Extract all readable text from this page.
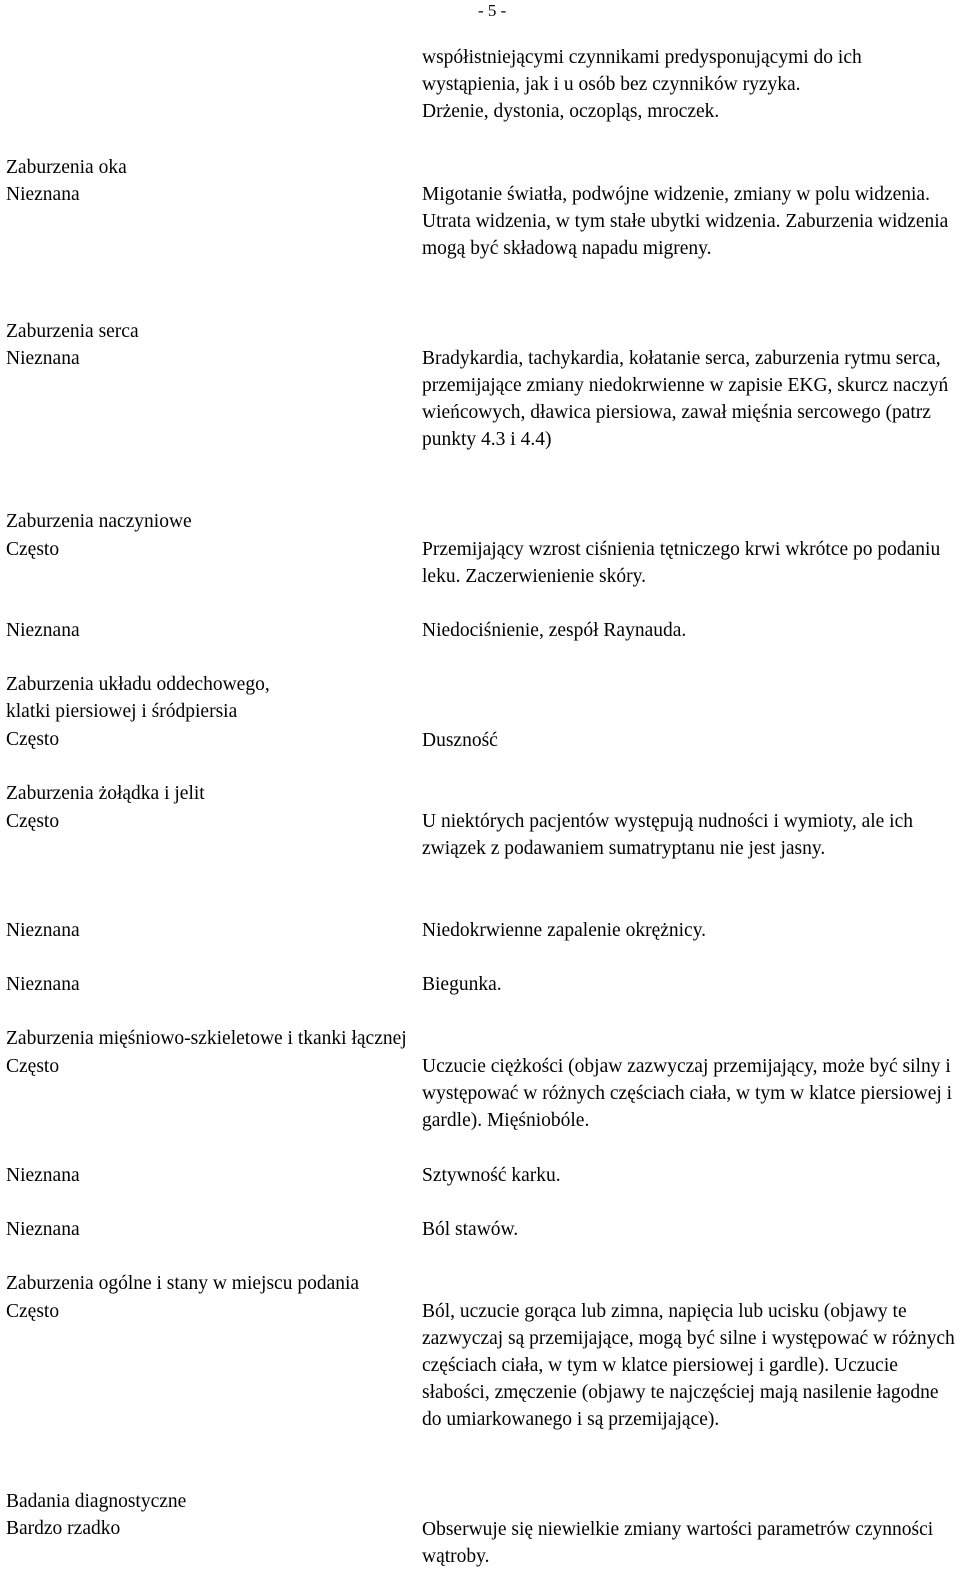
- 5 -
współistniejącymi czynnikami predysponującymi do ich wystąpienia, jak i u osób bez czynników ryzyka.
Drżenie, dystonia, oczopląs, mroczek.
Zaburzenia oka
Nieznana	Migotanie światła, podwójne widzenie, zmiany w polu widzenia. Utrata widzenia, w tym stałe ubytki widzenia. Zaburzenia widzenia mogą być składową napadu migreny.
Zaburzenia serca
Nieznana	Bradykardia, tachykardia, kołatanie serca, zaburzenia rytmu serca, przemijające zmiany niedokrwienne w zapisie EKG, skurcz naczyń wieńcowych, dławica piersiowa, zawał mięśnia sercowego (patrz punkty 4.3 i 4.4)
Zaburzenia naczyniowe
Często	Przemijający wzrost ciśnienia tętniczego krwi wkrótce po podaniu leku. Zaczerwienienie skóry.
Nieznana	Niedociśnienie, zespół Raynauda.
Zaburzenia układu oddechowego,
klatki piersiowej i śródpiersia
Często	Duszność
Zaburzenia żołądka i jelit
Często	U niektórych pacjentów występują nudności i wymioty, ale ich związek z podawaniem sumatryptanu nie jest jasny.
Nieznana	Niedokrwienne zapalenie okrężnicy.
Nieznana	Biegunka.
Zaburzenia mięśniowo-szkieletowe i tkanki łącznej
Często	Uczucie ciężkości (objaw zazwyczaj przemijający, może być silny i występować w różnych częściach ciała, w tym w klatce piersiowej i gardle). Mięśniobóle.
Nieznana	Sztywność karku.
Nieznana	Ból stawów.
Zaburzenia ogólne i stany w miejscu podania
Często	Ból, uczucie gorąca lub zimna, napięcia lub ucisku (objawy te zazwyczaj są przemijające, mogą być silne i występować w różnych częściach ciała, w tym w klatce piersiowej i gardle). Uczucie słabości, zmęczenie (objawy te najczęściej mają nasilenie łagodne do umiarkowanego i są przemijające).
Badania diagnostyczne
Bardzo rzadko	Obserwuje się niewielkie zmiany wartości parametrów czynności wątroby.
